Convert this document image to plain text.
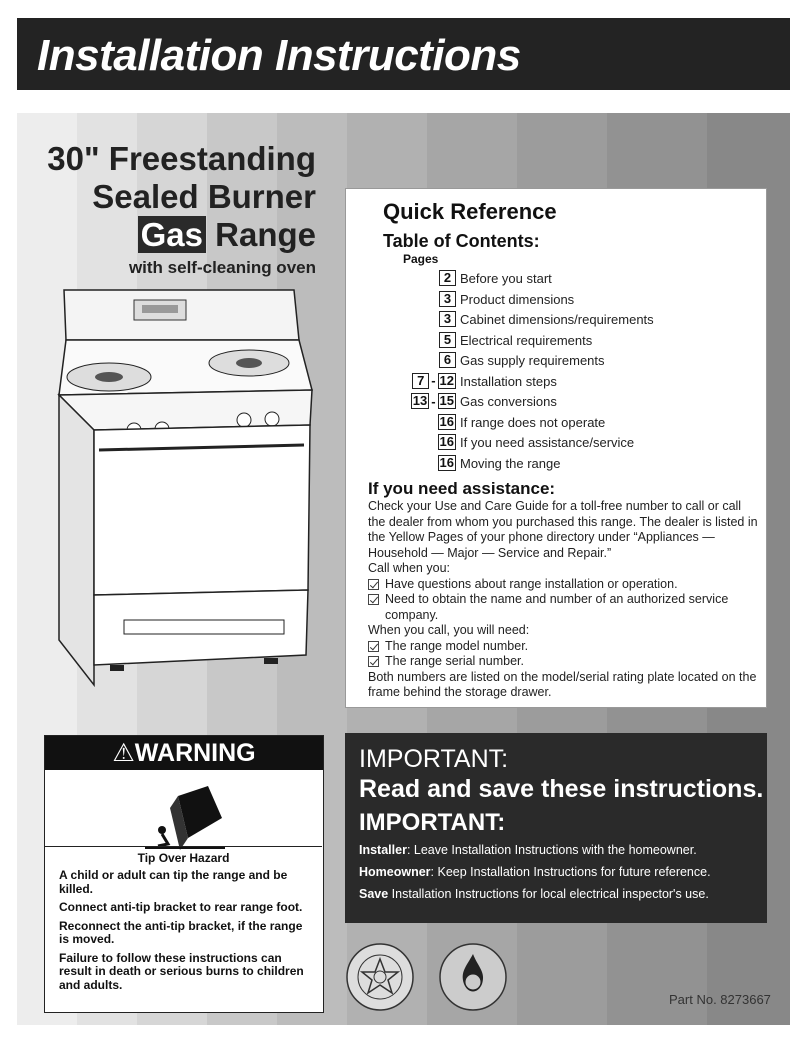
Installation Instructions
30" Freestanding
Sealed Burner
Gas Range
with self-cleaning oven
Quick Reference
Table of Contents:
Pages
2 Before you start
3 Product dimensions
3 Cabinet dimensions/requirements
5 Electrical requirements
6 Gas supply requirements
7 - 12 Installation steps
13 - 15 Gas conversions
16 If range does not operate
16 If you need assistance/service
16 Moving the range
If you need assistance:
Check your Use and Care Guide for a toll-free number to call or call the dealer from whom you purchased this range. The dealer is listed in the Yellow Pages of your phone directory under “Appliances — Household — Major — Service and Repair.”
Call when you:
Have questions about range installation or operation.
Need to obtain the name and number of an authorized service company.
When you call, you will need:
The range model number.
The range serial number.
Both numbers are listed on the model/serial rating plate located on the frame behind the storage drawer.
⚠WARNING
Tip Over Hazard

A child or adult can tip the range and be killed.

Connect anti-tip bracket to rear range foot.

Reconnect the anti-tip bracket, if the range is moved.

Failure to follow these instructions can result in death or serious burns to children and adults.

IMPORTANT:
Read and save these instructions.
IMPORTANT:
Installer: Leave Installation Instructions with the homeowner.
Homeowner: Keep Installation Instructions for future reference.
Save Installation Instructions for local electrical inspector's use.
Part No. 8273667
